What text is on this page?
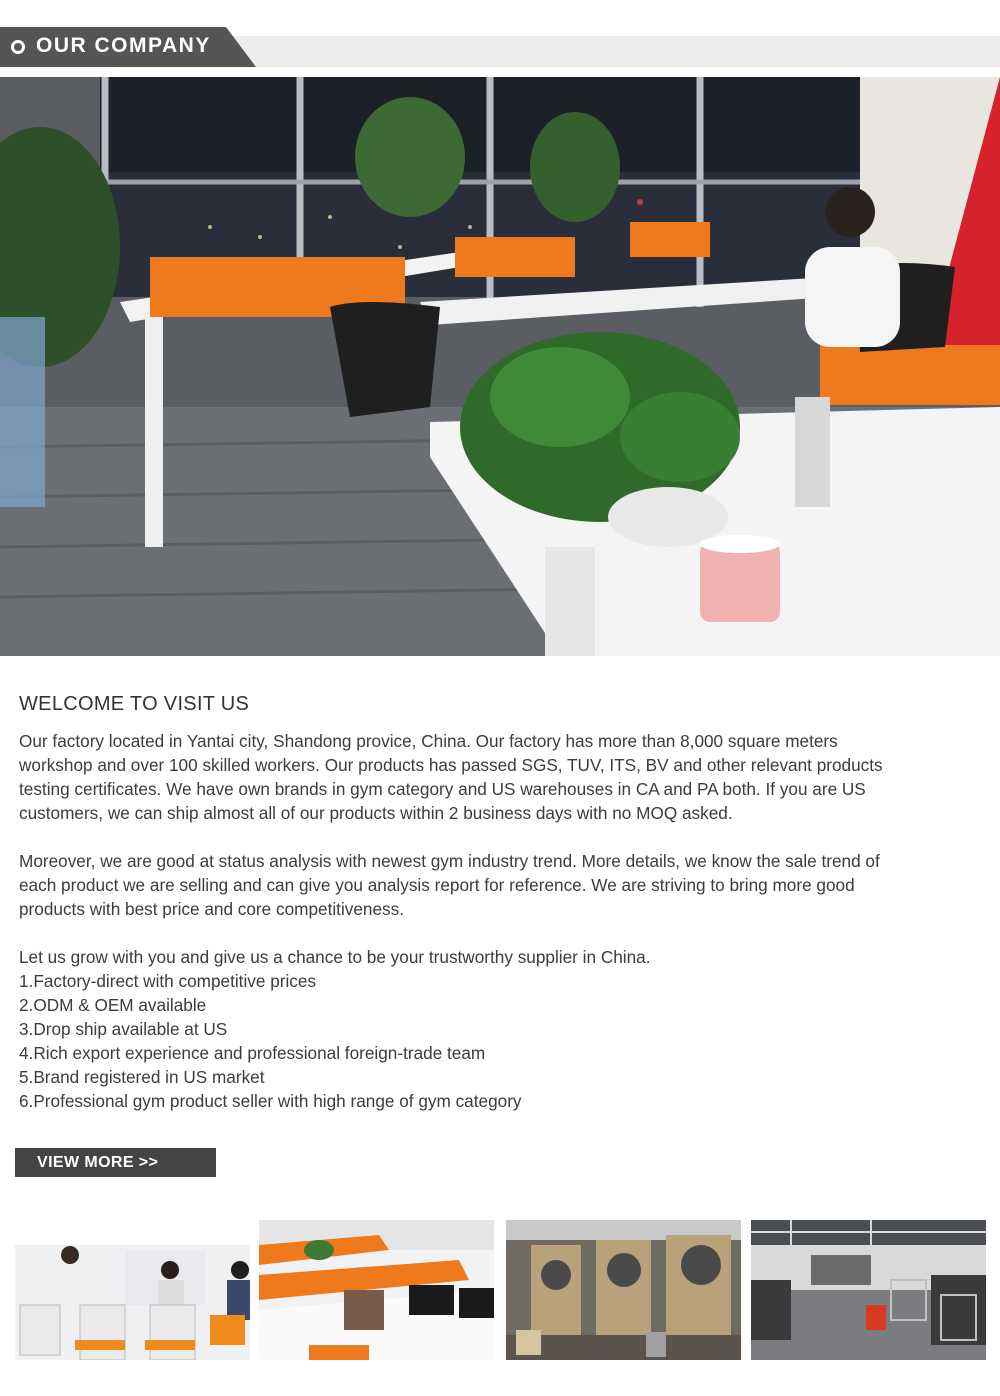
OUR COMPANY
WELCOME TO VISIT US
Our factory located in Yantai city, Shandong provice, China. Our factory has more than 8,000 square meters
workshop and over 100 skilled workers. Our products has passed SGS, TUV, ITS, BV and other relevant products
testing certificates. We have own brands in gym category and US warehouses in CA and PA both. If you are US
customers, we can ship almost all of our products within 2 business days with no MOQ asked.
Moreover, we are good at status analysis with newest gym industry trend. More details, we know the sale trend of
each product we are selling and can give you analysis report for reference. We are striving to bring more good
products with best price and core competitiveness.
Let us grow with you and give us a chance to be your trustworthy supplier in China.
1.Factory-direct with competitive prices
2.ODM & OEM available
3.Drop ship available at US
4.Rich export experience and professional foreign-trade team
5.Brand registered in US market
6.Professional gym product seller with high range of gym category
VIEW MORE >>
